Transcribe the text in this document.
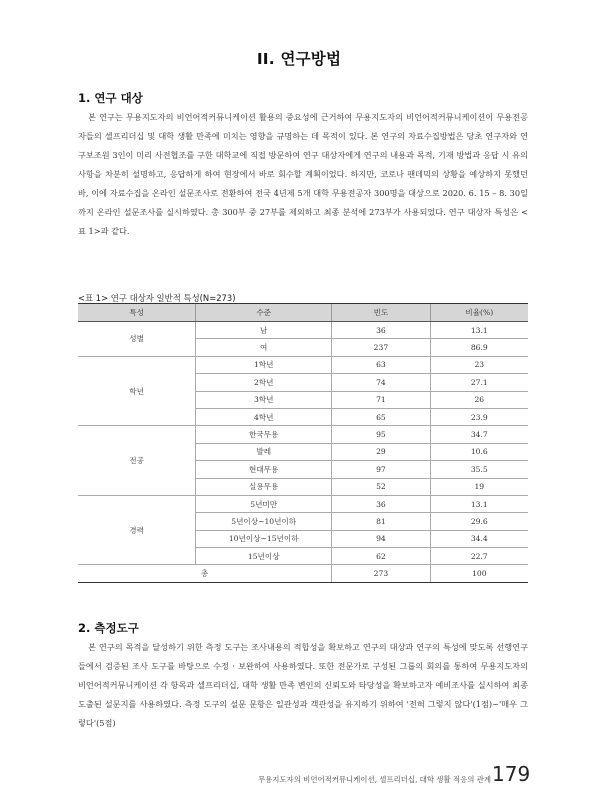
II. 연구방법
1. 연구 대상

본 연구는 무용지도자의 비언어적커뮤니케이션 활용의 중요성에 근거하여 무용지도자의 비언어적커뮤니케이션이 무용전공자들의 셀프리더십 및 대학 생활 만족에 미치는 영향을 규명하는 데 목적이 있다. 본 연구의 자료수집방법은 당초 연구자와 연구보조원 3인이 미리 사전협조를 구한 대학교에 직접 방문하여 연구 대상자에게 연구의 내용과 목적, 기재 방법과 응답 시 유의 사항을 차분히 설명하고, 응답하게 하여 현장에서 바로 회수할 계획이었다. 하지만, 코로나 팬데믹의 상황을 예상하지 못했던바, 이에 자료수집을 온라인 설문조사로 전환하여 전국 4년제 5개 대학 무용전공자 300명을 대상으로 2020. 6. 15 – 8. 30일까지 온라인 설문조사를 실시하였다. 총 300부 중 27부를 제외하고 최종 분석에 273부가 사용되었다. 연구 대상자 특성은 <표 1>과 같다.

<표 1> 연구 대상자 일반적 특성(N=273)
특성	수준	빈도	비율(%)
성별	남	36	13.1
	여	237	86.9
학년	1학년	63	23
	2학년	74	27.1
	3학년	71	26
	4학년	65	23.9
전공	한국무용	95	34.7
	발레	29	10.6
	현대무용	97	35.5
	실용무용	52	19
경력	5년미만	36	13.1
	5년이상~10년이하	81	29.6
	10년이상~15년이하	94	34.4
	15년이상	62	22.7
총		273	100
2. 측정도구

본 연구의 목적을 달성하기 위한 측정 도구는 조사내용의 적합성을 확보하고 연구의 대상과 연구의 특성에 맞도록 선행연구들에서 검증된 조사 도구를 바탕으로 수정 · 보완하여 사용하였다. 또한 전문가로 구성된 그룹의 회의를 통하여 무용지도자의 비언어적커뮤니케이션 각 항목과 셀프리더십, 대학 생활 만족 변인의 신뢰도와 타당성을 확보하고자 예비조사를 실시하여 최종 도출된 설문지를 사용하였다. 측정 도구의 설문 문항은 일관성과 객관성을 유지하기 위하여 '전혀 그렇지 않다'(1점)~'매우 그렇다'(5점)

무용지도자의 비언어적커뮤니케이션, 셀프리더십, 대학 생활 적응의 관계 179
